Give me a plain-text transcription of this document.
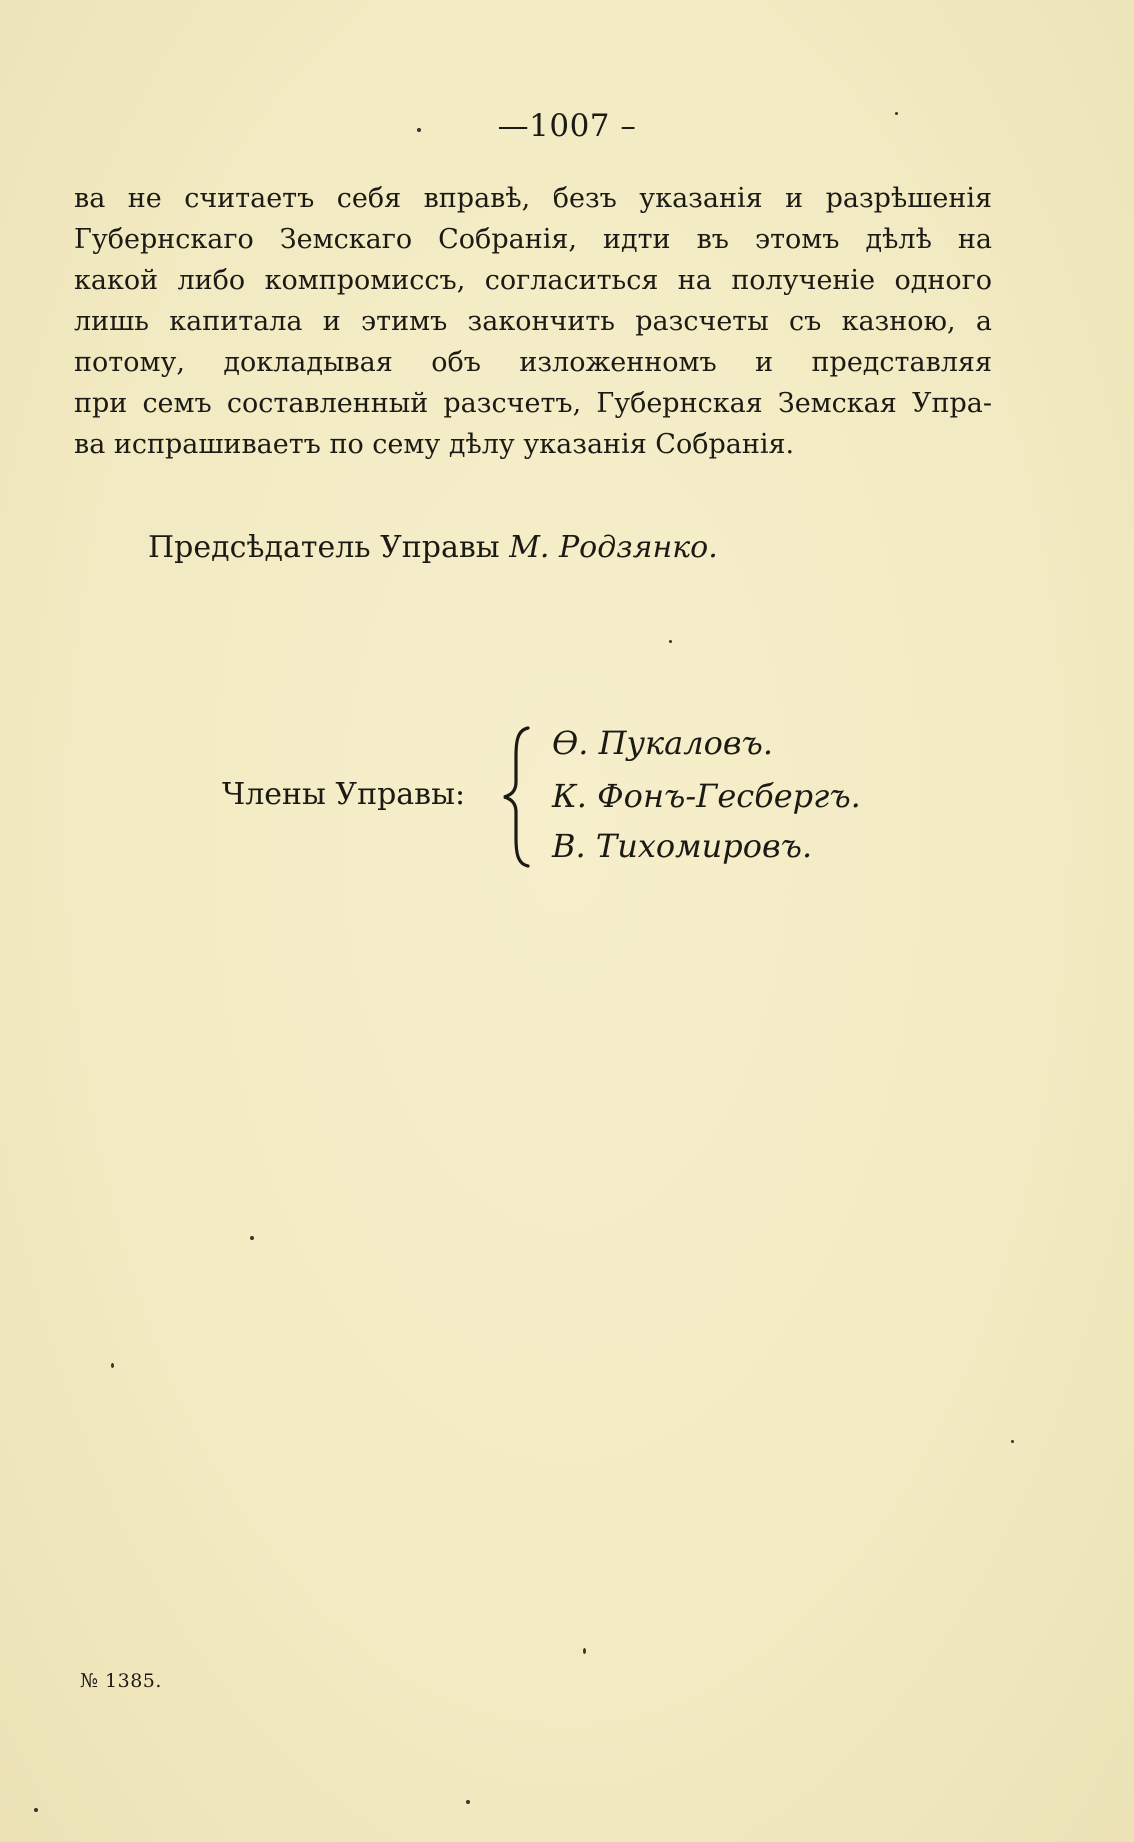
—1007 –
ва не считаетъ себя вправѣ, безъ указанія и разрѣшенія
Губернскаго Земскаго Собранія, идти въ этомъ дѣлѣ на
какой либо компромиссъ, согласиться на полученіе одного
лишь капитала и этимъ закончить разсчеты съ казною, а
потому, докладывая объ изложенномъ и представляя
при семъ составленный разсчетъ, Губернская Земская Упра-
ва испрашиваетъ по сему дѣлу указанія Собранія.
Предсѣдатель Управы М. Родзянко.
Члены Управы:
Ѳ. Пукаловъ.
К. Фонъ-Гесбергъ.
В. Тихомировъ.
№ 1385.
